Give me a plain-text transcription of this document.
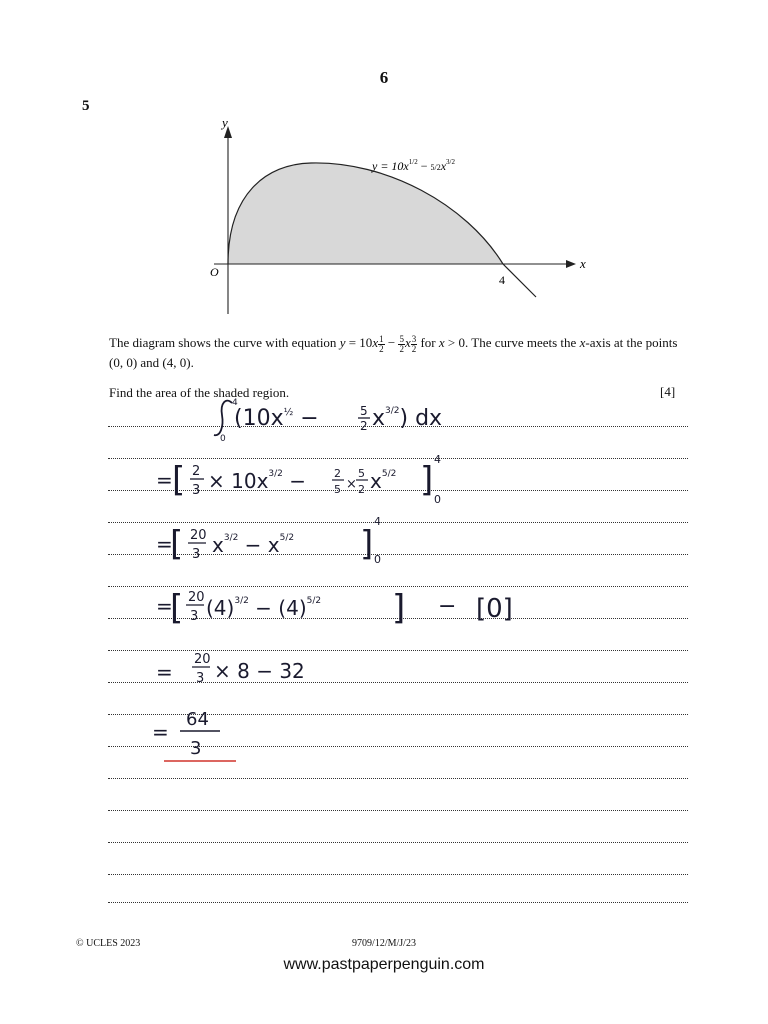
6
5
y
x
O
4
$y = 10x^{1/2} - 5/2x^{3/2}$
The diagram shows the curve with equation $y = 10x \frac{1}{2} - \frac{5}{2}$ x $\frac{3}{2}$ for x > 0. The curve meets the x-axis at the points (0, 0) and (4, 0).
Find the area of the shaded region.	[4]
4
0
($10x^{\frac{1}{2}}$ −	5
2 $x^{3/2}$) dx
= [ 2
$3 \times 10x^{3/2}$ −	2
5 ×
5
2 $x^{5/2}$ ]
4
0
=
[ 20
3 $x^{3/2} - x^{5/2}$ ]
4
0
=
[ 20
3 $(4)^{3/2} - (4)^{5/2}$ ] − [0]
=
20
3 × 8 − 32
=
64
3
© UCLES 2023	9709/12/M/J/23
www.pastpaperpenguin.com
